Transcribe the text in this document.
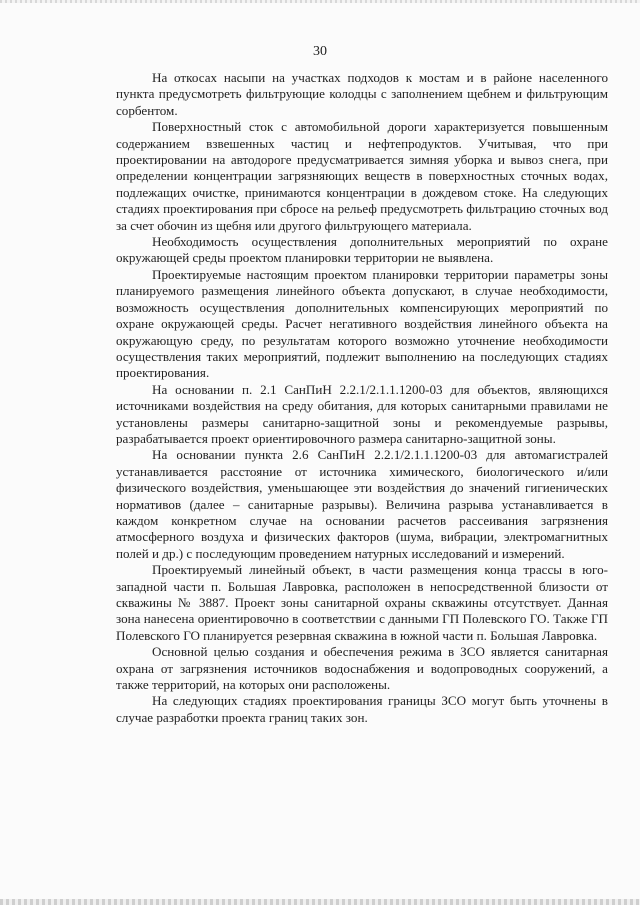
30

На откосах насыпи на участках подходов к мостам и в районе населенного пункта предусмотреть фильтрующие колодцы с заполнением щебнем и фильтрующим сорбентом.

Поверхностный сток с автомобильной дороги характеризуется повышенным содержанием взвешенных частиц и нефтепродуктов. Учитывая, что при проектировании на автодороге предусматривается зимняя уборка и вывоз снега, при определении концентрации загрязняющих веществ в поверхностных сточных водах, подлежащих очистке, принимаются концентрации в дождевом стоке. На следующих стадиях проектирования при сбросе на рельеф предусмотреть фильтрацию сточных вод за счет обочин из щебня или другого фильтрующего материала.

Необходимость осуществления дополнительных мероприятий по охране окружающей среды проектом планировки территории не выявлена.

Проектируемые настоящим проектом планировки территории параметры зоны планируемого размещения линейного объекта допускают, в случае необходимости, возможность осуществления дополнительных компенсирующих мероприятий по охране окружающей среды. Расчет негативного воздействия линейного объекта на окружающую среду, по результатам которого возможно уточнение необходимости осуществления таких мероприятий, подлежит выполнению на последующих стадиях проектирования.

На основании п. 2.1 СанПиН 2.2.1/2.1.1.1200-03 для объектов, являющихся источниками воздействия на среду обитания, для которых санитарными правилами не установлены размеры санитарно-защитной зоны и рекомендуемые разрывы, разрабатывается проект ориентировочного размера санитарно-защитной зоны.

На основании пункта 2.6 СанПиН 2.2.1/2.1.1.1200-03 для автомагистралей устанавливается расстояние от источника химического, биологического и/или физического воздействия, уменьшающее эти воздействия до значений гигиенических нормативов (далее – санитарные разрывы). Величина разрыва устанавливается в каждом конкретном случае на основании расчетов рассеивания загрязнения атмосферного воздуха и физических факторов (шума, вибрации, электромагнитных полей и др.) с последующим проведением натурных исследований и измерений.

Проектируемый линейный объект, в части размещения конца трассы в юго-западной части п. Большая Лавровка, расположен в непосредственной близости от скважины № 3887. Проект зоны санитарной охраны скважины отсутствует. Данная зона нанесена ориентировочно в соответствии с данными ГП Полевского ГО. Также ГП Полевского ГО планируется резервная скважина в южной части п. Большая Лавровка.

Основной целью создания и обеспечения режима в ЗСО является санитарная охрана от загрязнения источников водоснабжения и водопроводных сооружений, а также территорий, на которых они расположены.

На следующих стадиях проектирования границы ЗСО могут быть уточнены в случае разработки проекта границ таких зон.
